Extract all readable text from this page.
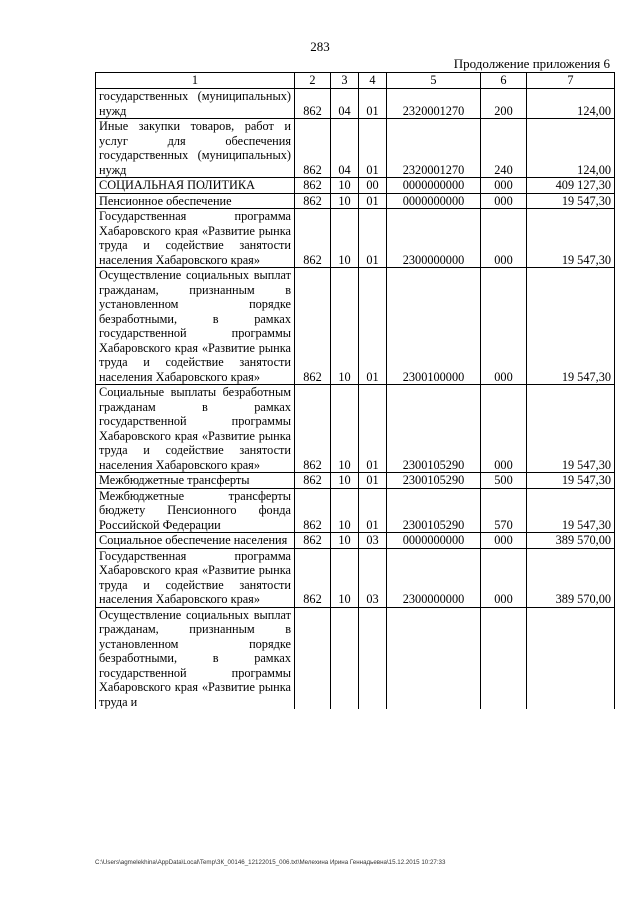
283
Продолжение приложения 6
1	2	3	4	5	6	7
государственных (муниципальных) нужд	862	04	01	2320001270	200	124,00
Иные закупки товаров, работ и услуг для обеспечения государственных (муниципальных) нужд	862	04	01	2320001270	240	124,00
СОЦИАЛЬНАЯ ПОЛИТИКА	862	10	00	0000000000	000	409 127,30
Пенсионное обеспечение	862	10	01	0000000000	000	19 547,30
Государственная программа Хабаровского края «Развитие рынка труда и содействие занятости населения Хабаровского края»	862	10	01	2300000000	000	19 547,30
Осуществление социальных выплат гражданам, признанным в установленном порядке безработными, в рамках государственной программы Хабаровского края «Развитие рынка труда и содействие занятости населения Хабаровского края»	862	10	01	2300100000	000	19 547,30
Социальные выплаты безработным гражданам в рамках государственной программы Хабаровского края «Развитие рынка труда и содействие занятости населения Хабаровского края»	862	10	01	2300105290	000	19 547,30
Межбюджетные трансферты	862	10	01	2300105290	500	19 547,30
Межбюджетные трансферты бюджету Пенсионного фонда Российской Федерации	862	10	01	2300105290	570	19 547,30
Социальное обеспечение населения	862	10	03	0000000000	000	389 570,00
Государственная программа Хабаровского края «Развитие рынка труда и содействие занятости населения Хабаровского края»	862	10	03	2300000000	000	389 570,00
Осуществление социальных выплат гражданам, признанным в установленном порядке безработными, в рамках государственной программы Хабаровского края «Развитие рынка труда и						
C:\Users\agmelekhina\AppData\Local\Temp\ЗК_00146_12122015_006.txt\Мелехина Ирина Геннадьевна\15.12.2015 10:27:33
